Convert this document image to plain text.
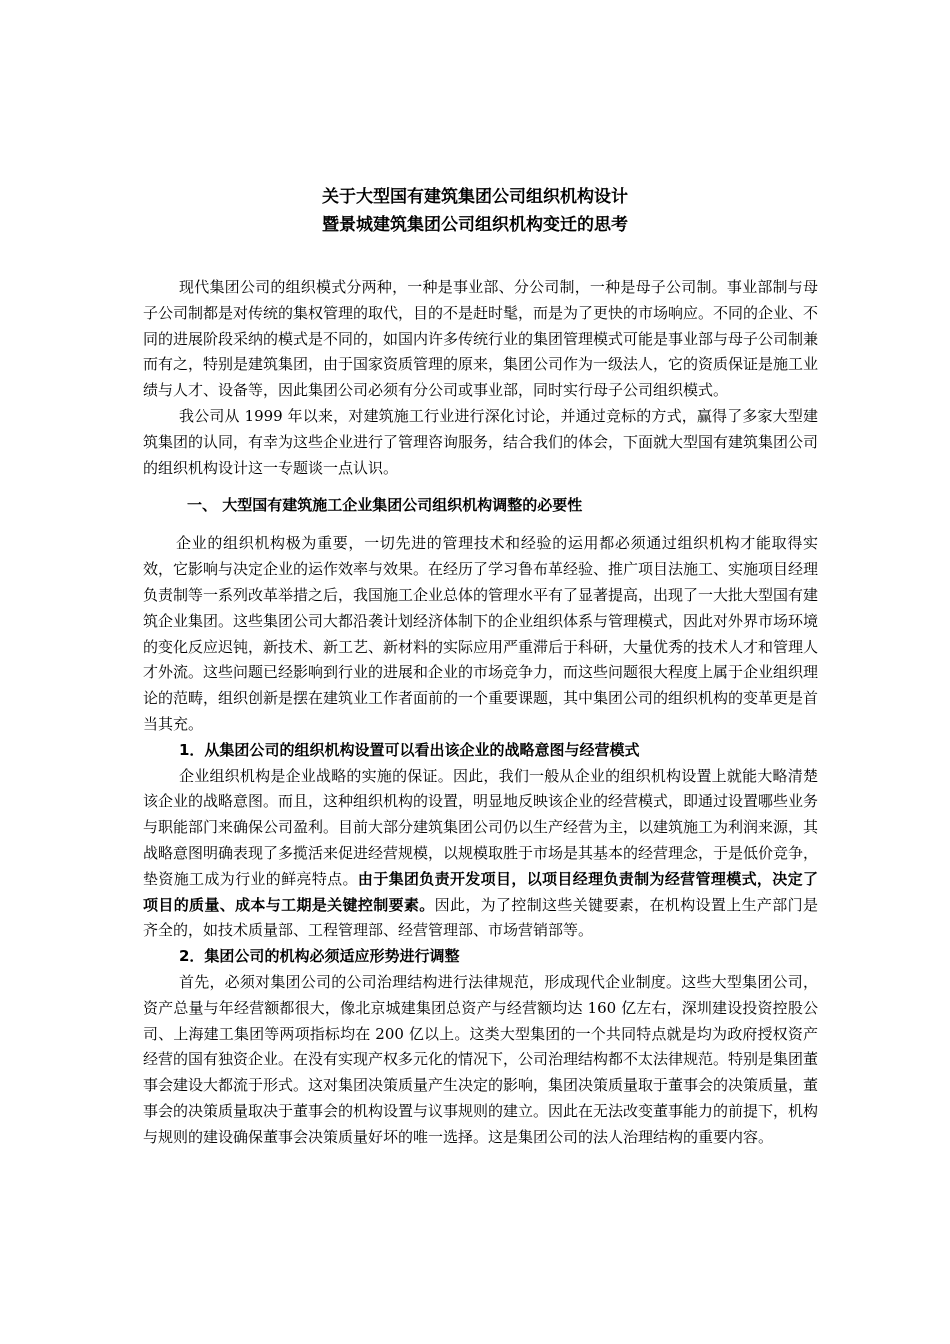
关于大型国有建筑集团公司组织机构设计
暨景城建筑集团公司组织机构变迁的思考

现代集团公司的组织模式分两种，一种是事业部、分公司制，一种是母子公司制。事业部制与母子公司制都是对传统的集权管理的取代，目的不是赶时髦，而是为了更快的市场响应。不同的企业、不同的进展阶段采纳的模式是不同的，如国内许多传统行业的集团管理模式可能是事业部与母子公司制兼而有之，特别是建筑集团，由于国家资质管理的原来，集团公司作为一级法人，它的资质保证是施工业绩与人才、设备等，因此集团公司必须有分公司或事业部，同时实行母子公司组织模式。

我公司从 1999 年以来，对建筑施工行业进行深化讨论，并通过竞标的方式，赢得了多家大型建筑集团的认同，有幸为这些企业进行了管理咨询服务，结合我们的体会，下面就大型国有建筑集团公司的组织机构设计这一专题谈一点认识。

一、 大型国有建筑施工企业集团公司组织机构调整的必要性

企业的组织机构极为重要，一切先进的管理技术和经验的运用都必须通过组织机构才能取得实效，它影响与决定企业的运作效率与效果。在经历了学习鲁布革经验、推广项目法施工、实施项目经理负责制等一系列改革举措之后，我国施工企业总体的管理水平有了显著提高，出现了一大批大型国有建筑企业集团。这些集团公司大都沿袭计划经济体制下的企业组织体系与管理模式，因此对外界市场环境的变化反应迟钝，新技术、新工艺、新材料的实际应用严重滞后于科研，大量优秀的技术人才和管理人才外流。这些问题已经影响到行业的进展和企业的市场竞争力，而这些问题很大程度上属于企业组织理论的范畴，组织创新是摆在建筑业工作者面前的一个重要课题，其中集团公司的组织机构的变革更是首当其充。

1．从集团公司的组织机构设置可以看出该企业的战略意图与经营模式

企业组织机构是企业战略的实施的保证。因此，我们一般从企业的组织机构设置上就能大略清楚该企业的战略意图。而且，这种组织机构的设置，明显地反映该企业的经营模式，即通过设置哪些业务与职能部门来确保公司盈利。目前大部分建筑集团公司仍以生产经营为主，以建筑施工为利润来源，其战略意图明确表现了多揽活来促进经营规模，以规模取胜于市场是其基本的经营理念，于是低价竞争，垫资施工成为行业的鲜亮特点。由于集团负责开发项目，以项目经理负责制为经营管理模式，决定了项目的质量、成本与工期是关键控制要素。因此，为了控制这些关键要素，在机构设置上生产部门是齐全的，如技术质量部、工程管理部、经营管理部、市场营销部等。

2．集团公司的机构必须适应形势进行调整

首先，必须对集团公司的公司治理结构进行法律规范，形成现代企业制度。这些大型集团公司，资产总量与年经营额都很大，像北京城建集团总资产与经营额均达 160 亿左右，深圳建设投资控股公司、上海建工集团等两项指标均在 200 亿以上。这类大型集团的一个共同特点就是均为政府授权资产经营的国有独资企业。在没有实现产权多元化的情况下，公司治理结构都不太法律规范。特别是集团董事会建设大都流于形式。这对集团决策质量产生决定的影响，集团决策质量取于董事会的决策质量，董事会的决策质量取决于董事会的机构设置与议事规则的建立。因此在无法改变董事能力的前提下，机构与规则的建设确保董事会决策质量好坏的唯一选择。这是集团公司的法人治理结构的重要内容。
